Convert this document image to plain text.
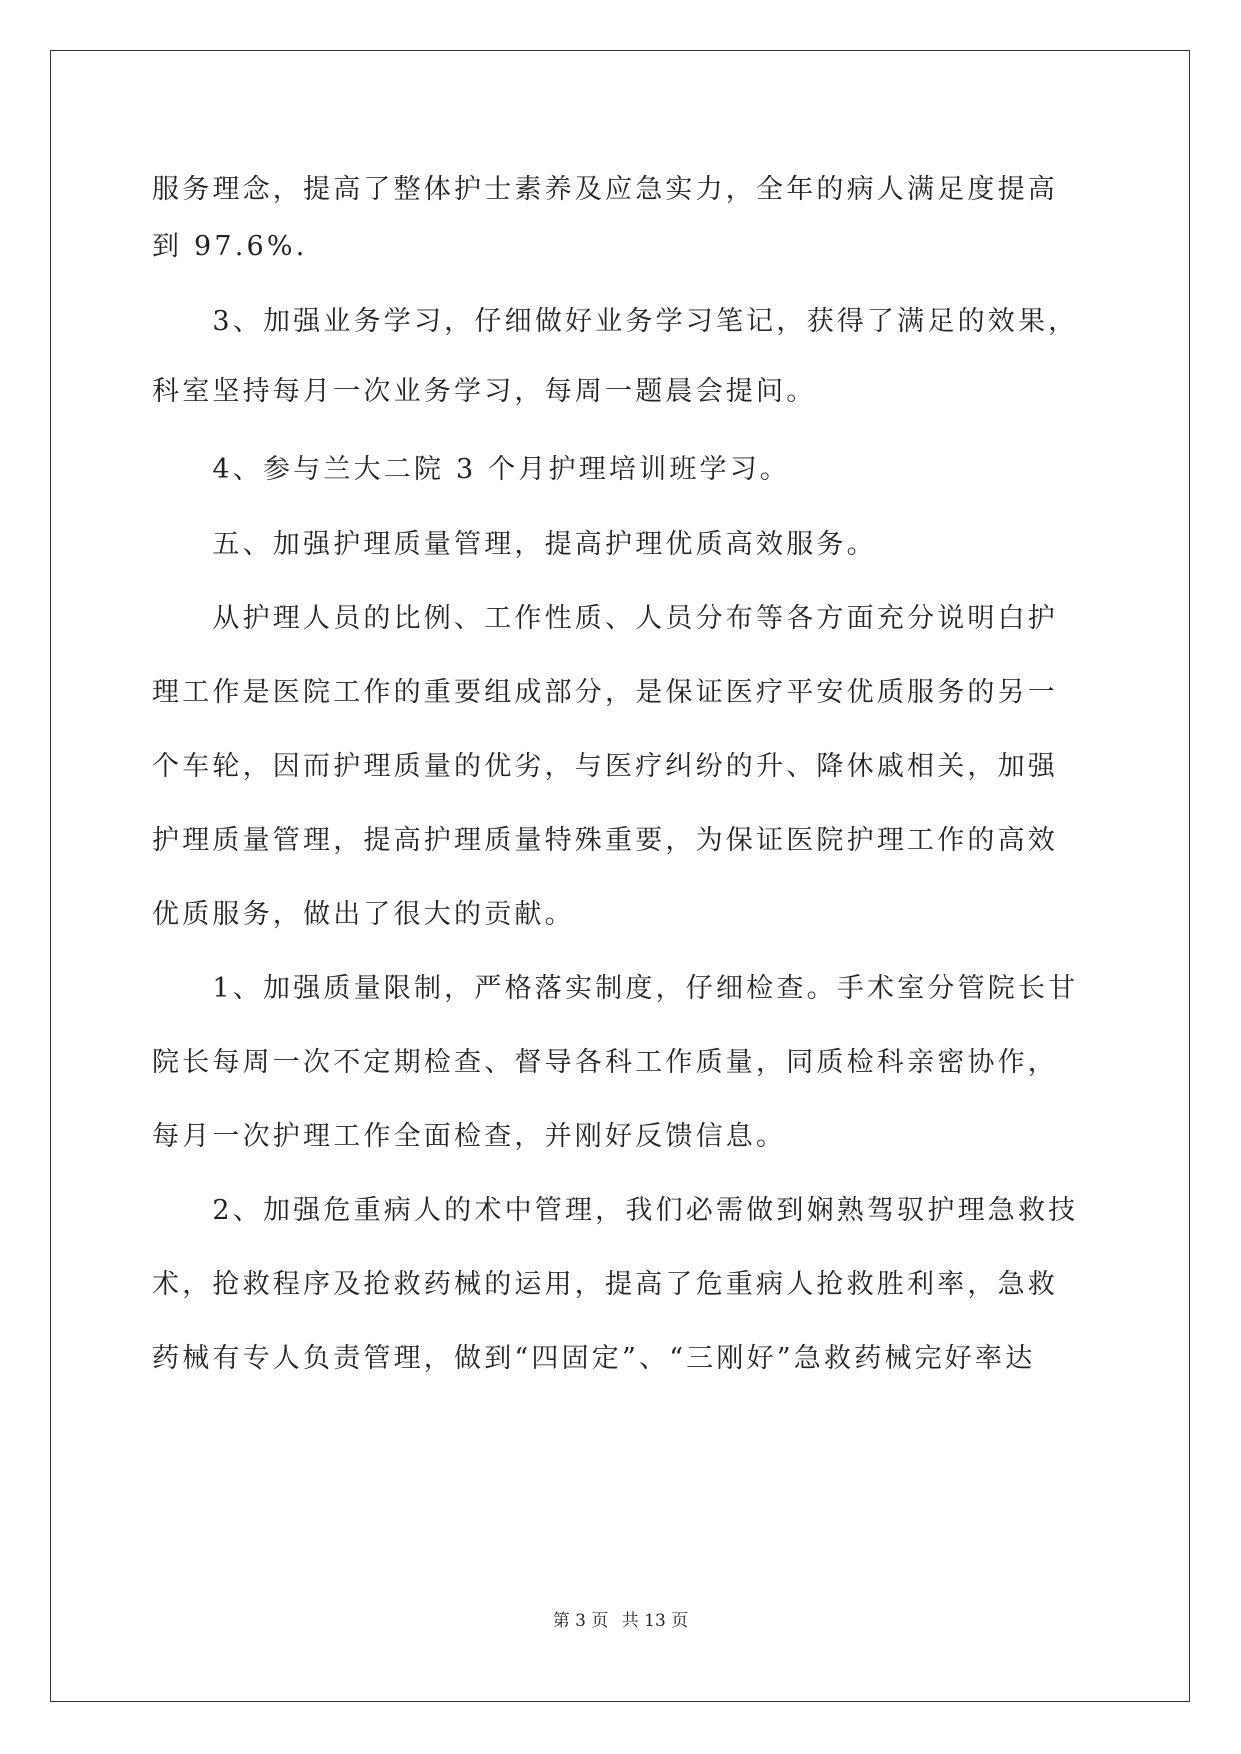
服务理念，提高了整体护士素养及应急实力，全年的病人满足度提高
到 97.6%.
　　3、加强业务学习，仔细做好业务学习笔记，获得了满足的效果，
科室坚持每月一次业务学习，每周一题晨会提问。
　　4、参与兰大二院 3 个月护理培训班学习。
　　五、加强护理质量管理，提高护理优质高效服务。
　　从护理人员的比例、工作性质、人员分布等各方面充分说明白护
理工作是医院工作的重要组成部分，是保证医疗平安优质服务的另一
个车轮，因而护理质量的优劣，与医疗纠纷的升、降休戚相关，加强
护理质量管理，提高护理质量特殊重要，为保证医院护理工作的高效
优质服务，做出了很大的贡献。
　　1、加强质量限制，严格落实制度，仔细检查。手术室分管院长甘
院长每周一次不定期检查、督导各科工作质量，同质检科亲密协作，
每月一次护理工作全面检查，并刚好反馈信息。
　　2、加强危重病人的术中管理，我们必需做到娴熟驾驭护理急救技
术，抢救程序及抢救药械的运用，提高了危重病人抢救胜利率，急救
药械有专人负责管理，做到“四固定”、“三刚好”急救药械完好率达
第 3 页 共 13 页
